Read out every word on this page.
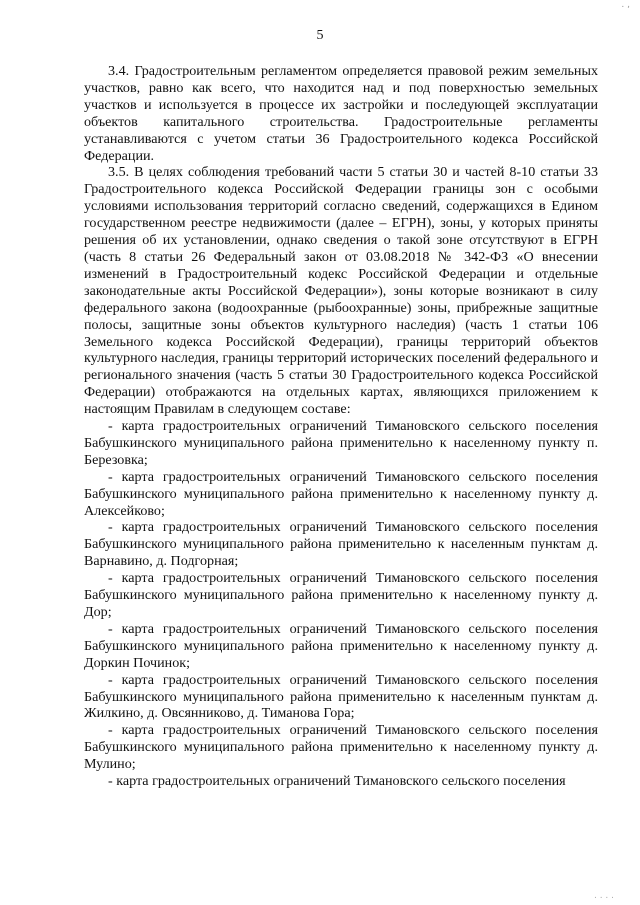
. ,
5

3.4. Градостроительным регламентом определяется правовой режим земельных участков, равно как всего, что находится над и под поверхностью земельных участков и используется в процессе их застройки и последующей эксплуатации объектов капитального строительства. Градостроительные регламенты устанавливаются с учетом статьи 36 Градостроительного кодекса Российской Федерации.

3.5. В целях соблюдения требований части 5 статьи 30 и частей 8-10 статьи 33 Градостроительного кодекса Российской Федерации границы зон с особыми условиями использования территорий согласно сведений, содержащихся в Едином государственном реестре недвижимости (далее – ЕГРН), зоны, у которых приняты решения об их установлении, однако сведения о такой зоне отсутствуют в ЕГРН (часть 8 статьи 26 Федеральный закон от 03.08.2018 № 342-ФЗ «О внесении изменений в Градостроительный кодекс Российской Федерации и отдельные законодательные акты Российской Федерации»), зоны которые возникают в силу федерального закона (водоохранные (рыбоохранные) зоны, прибрежные защитные полосы, защитные зоны объектов культурного наследия) (часть 1 статьи 106 Земельного кодекса Российской Федерации), границы территорий объектов культурного наследия, границы территорий исторических поселений федерального и регионального значения (часть 5 статьи 30 Градостроительного кодекса Российской Федерации) отображаются на отдельных картах, являющихся приложением к настоящим Правилам в следующем составе:

- карта градостроительных ограничений Тимановского сельского поселения Бабушкинского муниципального района применительно к населенному пункту п. Березовка;
- карта градостроительных ограничений Тимановского сельского поселения Бабушкинского муниципального района применительно к населенному пункту д. Алексейково;
- карта градостроительных ограничений Тимановского сельского поселения Бабушкинского муниципального района применительно к населенным пунктам д. Варнавино, д. Подгорная;
- карта градостроительных ограничений Тимановского сельского поселения Бабушкинского муниципального района применительно к населенному пункту д. Дор;
- карта градостроительных ограничений Тимановского сельского поселения Бабушкинского муниципального района применительно к населенному пункту д. Доркин Починок;
- карта градостроительных ограничений Тимановского сельского поселения Бабушкинского муниципального района применительно к населенным пунктам д. Жилкино, д. Овсянниково, д. Тиманова Гора;
- карта градостроительных ограничений Тимановского сельского поселения Бабушкинского муниципального района применительно к населенному пункту д. Мулино;
- карта градостроительных ограничений Тимановского сельского поселения
. . . .
